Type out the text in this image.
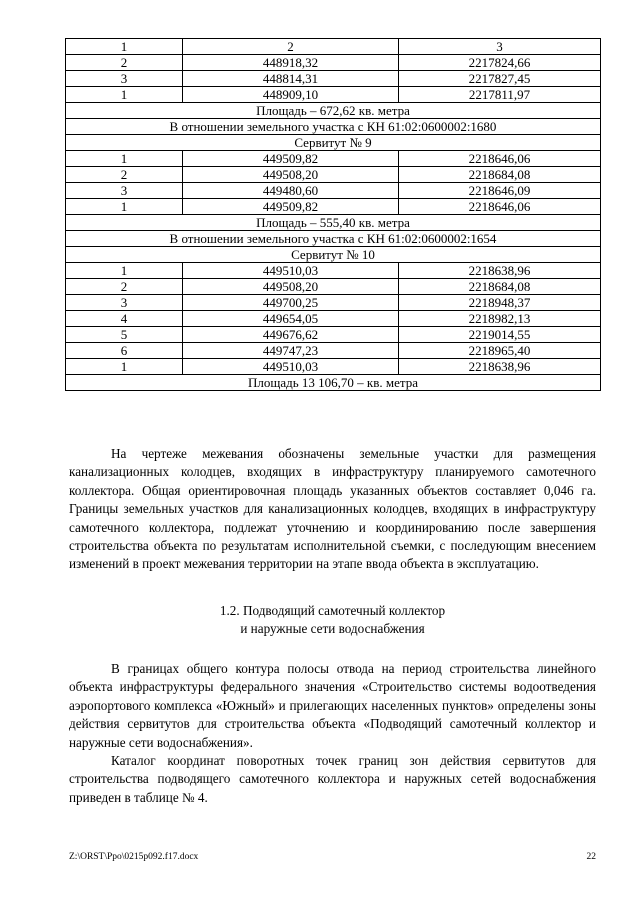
1	2	3
2	448918,32	2217824,66
3	448814,31	2217827,45
1	448909,10	2217811,97
Площадь – 672,62 кв. метра		
В отношении земельного участка с КН 61:02:0600002:1680		
Сервитут № 9		
1	449509,82	2218646,06
2	449508,20	2218684,08
3	449480,60	2218646,09
1	449509,82	2218646,06
Площадь – 555,40 кв. метра		
В отношении земельного участка с КН 61:02:0600002:1654		
Сервитут № 10		
1	449510,03	2218638,96
2	449508,20	2218684,08
3	449700,25	2218948,37
4	449654,05	2218982,13
5	449676,62	2219014,55
6	449747,23	2218965,40
1	449510,03	2218638,96
Площадь 13 106,70 – кв. метра		

На чертеже межевания обозначены земельные участки для размещения канализационных колодцев, входящих в инфраструктуру планируемого самотечного коллектора. Общая ориентировочная площадь указанных объектов составляет 0,046 га. Границы земельных участков для канализационных колодцев, входящих в инфраструктуру самотечного коллектора, подлежат уточнению и координированию после завершения строительства объекта по результатам исполнительной съемки, с последующим внесением изменений в проект межевания территории на этапе ввода объекта в эксплуатацию.

1.2. Подводящий самотечный коллектор
и наружные сети водоснабжения

В границах общего контура полосы отвода на период строительства линейного объекта инфраструктуры федерального значения «Строительство системы водоотведения аэропортового комплекса «Южный» и прилегающих населенных пунктов» определены зоны действия сервитутов для строительства объекта «Подводящий самотечный коллектор и наружные сети водоснабжения».

Каталог координат поворотных точек границ зон действия сервитутов для строительства подводящего самотечного коллектора и наружных сетей водоснабжения приведен в таблице № 4.

Z:\ORST\Ppo\0215p092.f17.docx	22
